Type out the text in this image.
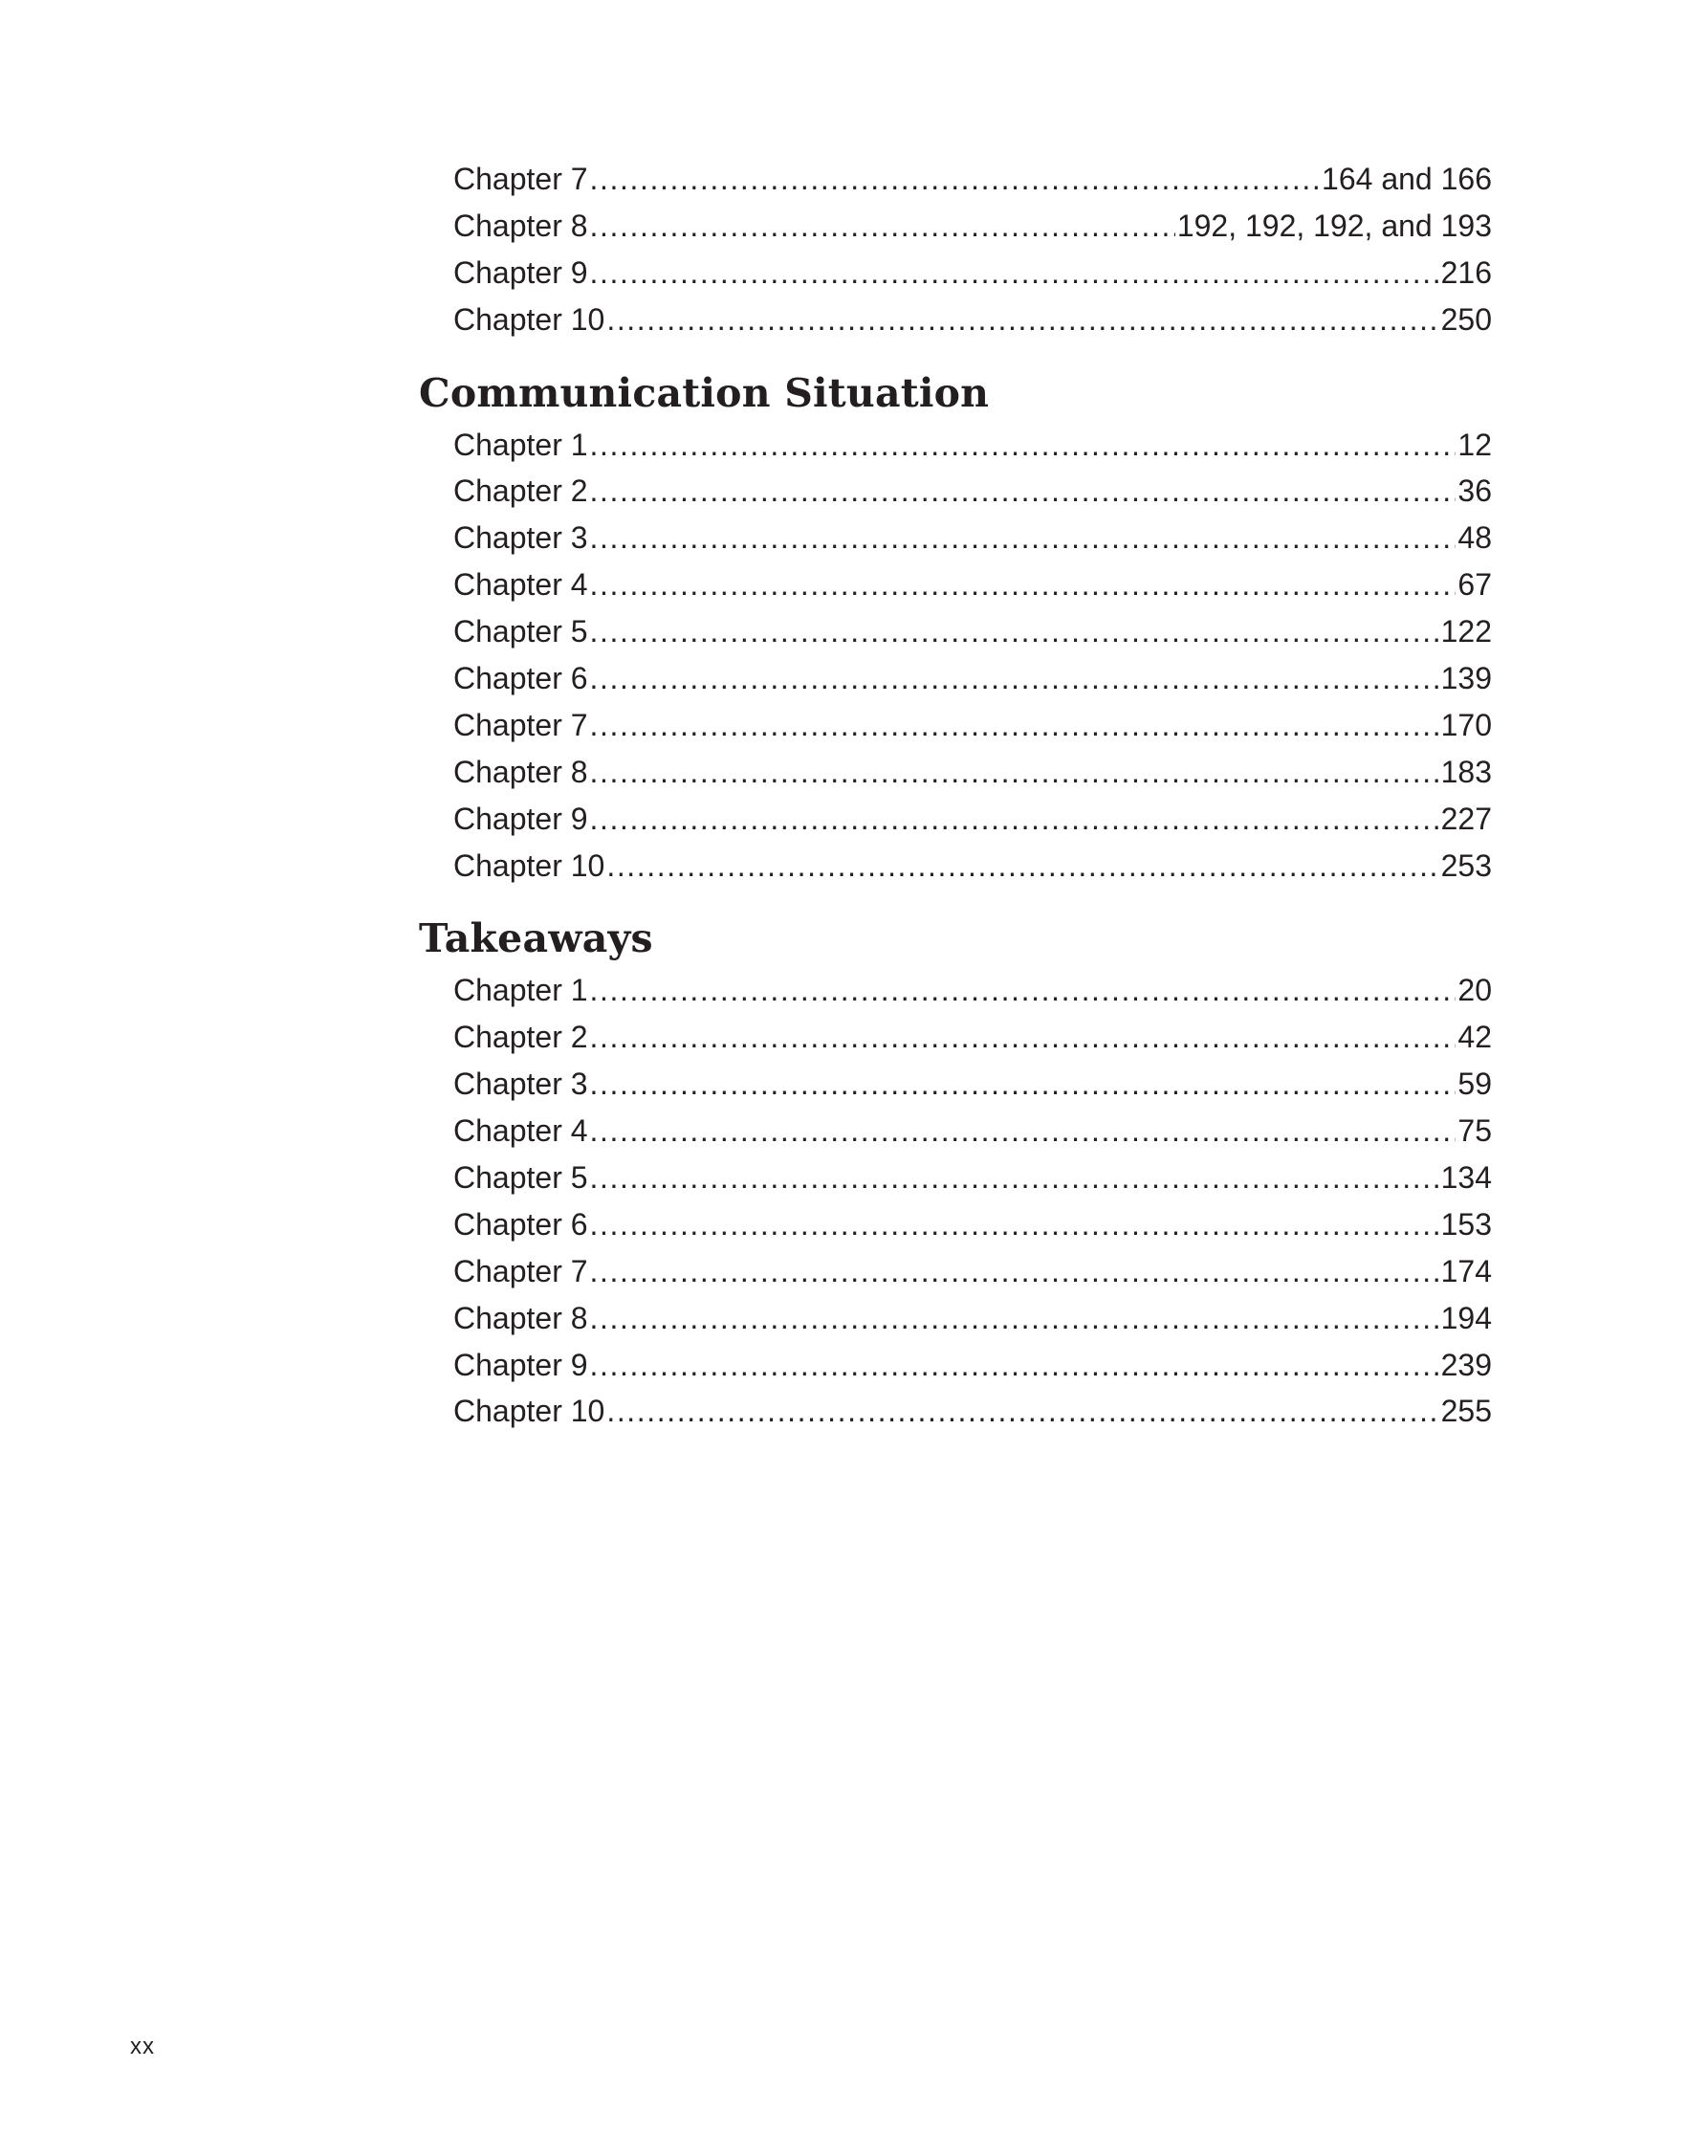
Chapter 7 .....	164 and 166
Chapter 8 .....	192, 192, 192, and 193
Chapter 9 .....	216
Chapter 10 .....	250
Communication Situation
Chapter 1 .....	12
Chapter 2 .....	36
Chapter 3 .....	48
Chapter 4 .....	67
Chapter 5 .....	122
Chapter 6 .....	139
Chapter 7 .....	170
Chapter 8 .....	183
Chapter 9 .....	227
Chapter 10 .....	253
Takeaways
Chapter 1 .....	20
Chapter 2 .....	42
Chapter 3 .....	59
Chapter 4 .....	75
Chapter 5 .....	134
Chapter 6 .....	153
Chapter 7 .....	174
Chapter 8 .....	194
Chapter 9 .....	239
Chapter 10 .....	255
xx
